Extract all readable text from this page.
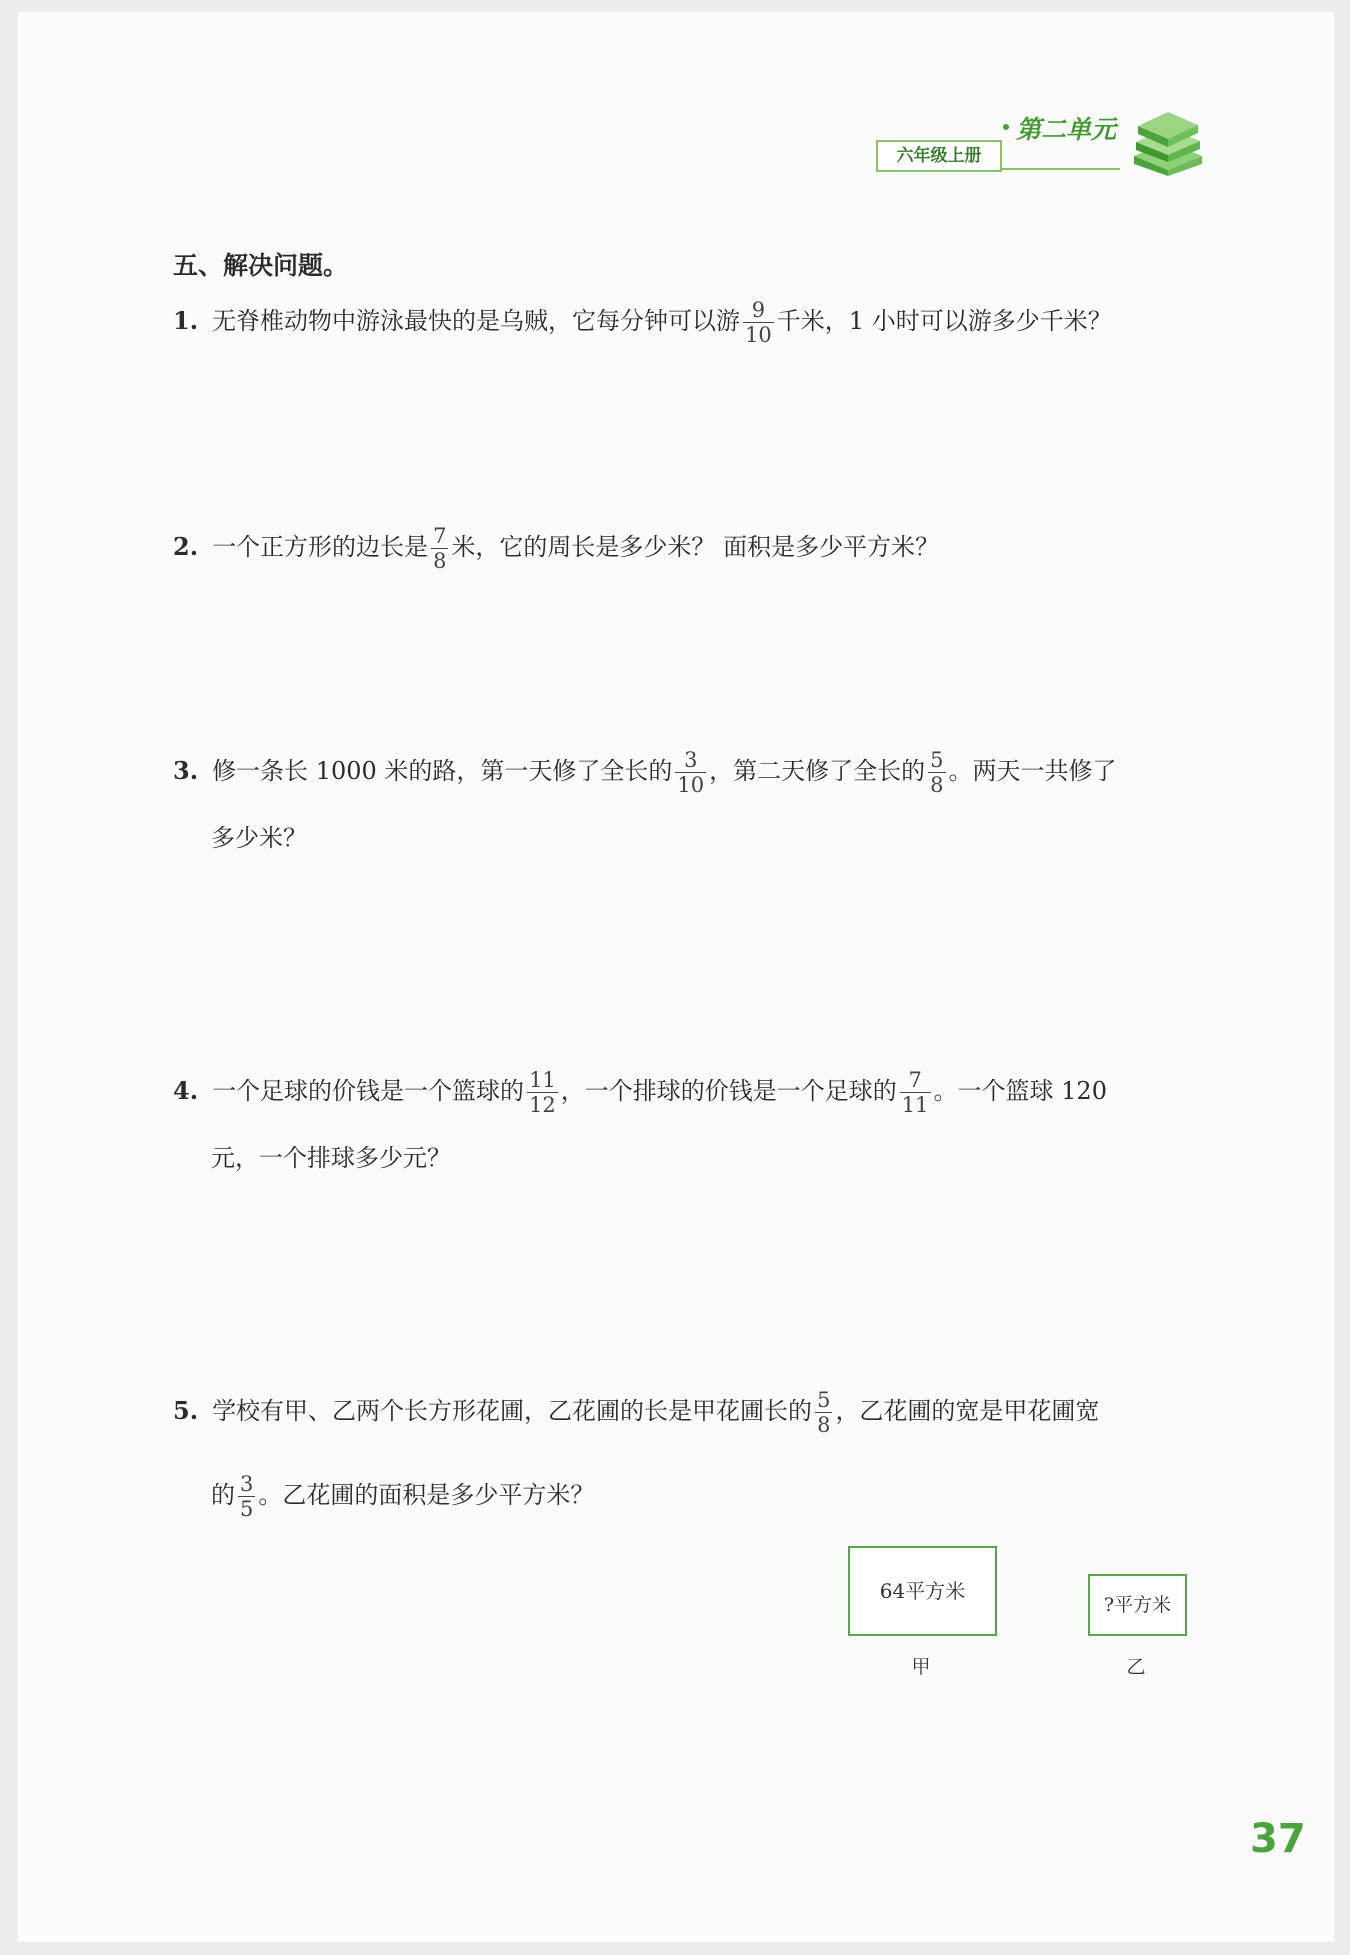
六年级上册
第二单元
五、解决问题。
1. 无脊椎动物中游泳最快的是乌贼，它每分钟可以游 $\frac{9}{10}$ 千米，1 小时可以游多少千米？
2. 一个正方形的边长是 $\frac{7}{8}$ 米，它的周长是多少米？ 面积是多少平方米？
3. 修一条长 1000 米的路，第一天修了全长的 $\frac{3}{10}$ ，第二天修了全长的 $\frac{5}{8}$ 。两天一共修了
多少米？
4. 一个足球的价钱是一个篮球的 $\frac{11}{12}$ ，一个排球的价钱是一个足球的 $\frac{7}{11}$ 。一个篮球 120
元，一个排球多少元？
5. 学校有甲、乙两个长方形花圃，乙花圃的长是甲花圃长的 $\frac{5}{8}$ ，乙花圃的宽是甲花圃宽
的 $\frac{3}{5}$ 。乙花圃的面积是多少平方米？
64平方米
甲
?平方米
乙
37
